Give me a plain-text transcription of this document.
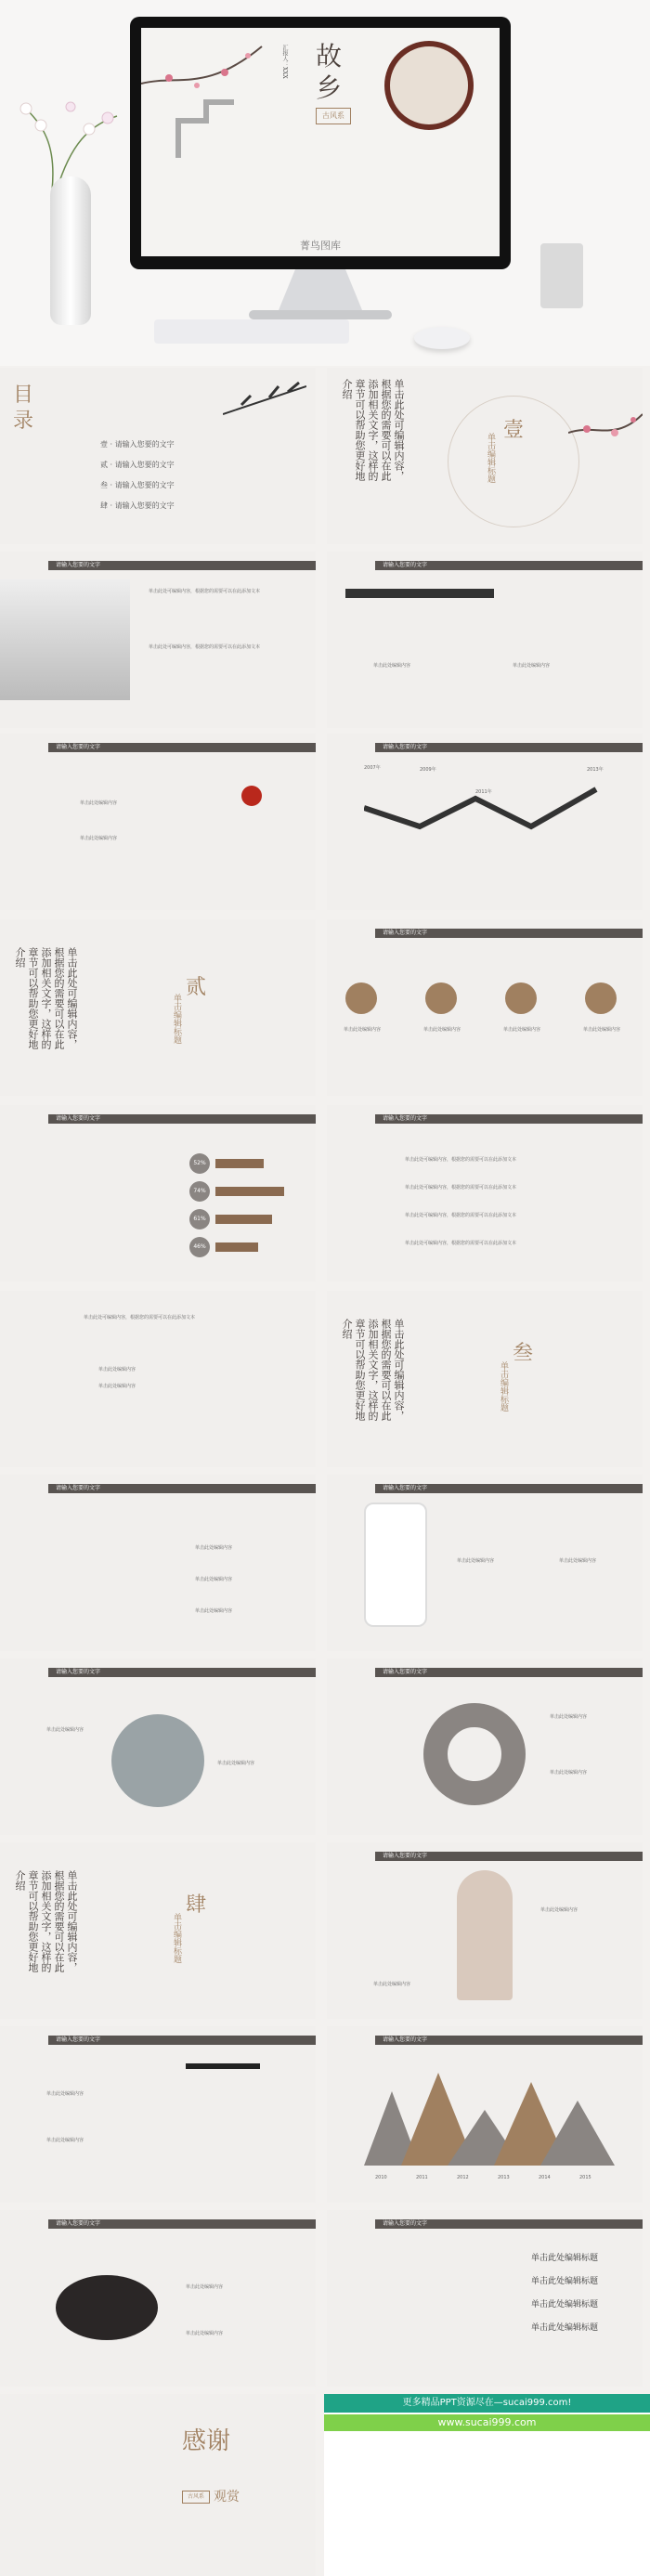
故乡
古风系
汇报人：XXX
菁鸟图库
目录
壹 · 请输入您要的文字
贰 · 请输入您要的文字
叁 · 请输入您要的文字
肆 · 请输入您要的文字
单击此处可编辑内容，根据您的需要可以在此添加相关文字，这样的章节可以帮助您更好地介绍
壹
单击编辑标题
请输入您要的文字
单击此处可编辑内容，根据您的需要可以在此添加文本
单击此处可编辑内容，根据您的需要可以在此添加文本
请输入您要的文字
单击此处编辑内容	单击此处编辑内容
请输入您要的文字
单击此处编辑内容
单击此处编辑内容
请输入您要的文字
2007年	2009年
2011年
2013年
单击此处可编辑内容，根据您的需要可以在此添加相关文字，这样的章节可以帮助您更好地介绍
贰
单击编辑标题
请输入您要的文字
单击此处编辑内容	单击此处编辑内容	单击此处编辑内容	单击此处编辑内容
请输入您要的文字
52%
74%
61%
46%
请输入您要的文字
单击此处可编辑内容，根据您的需要可以在此添加文本
单击此处可编辑内容，根据您的需要可以在此添加文本
单击此处可编辑内容，根据您的需要可以在此添加文本
单击此处可编辑内容，根据您的需要可以在此添加文本
单击此处可编辑内容，根据您的需要可以在此添加文本
单击此处编辑内容
单击此处编辑内容	单击此处可编辑内容，根据您的需要可以在此添加相关文字，这样的章节可以帮助您更好地介绍
叁
单击编辑标题
请输入您要的文字
单击此处编辑内容
单击此处编辑内容
单击此处编辑内容
请输入您要的文字
单击此处编辑内容	单击此处编辑内容
请输入您要的文字
单击此处编辑内容
单击此处编辑内容
请输入您要的文字
单击此处编辑内容
单击此处编辑内容
单击此处可编辑内容，根据您的需要可以在此添加相关文字，这样的章节可以帮助您更好地介绍
肆
单击编辑标题
请输入您要的文字
单击此处编辑内容
单击此处编辑内容
请输入您要的文字
单击此处编辑内容
单击此处编辑内容
请输入您要的文字
2010	2011	2012	2013	2014	2015
请输入您要的文字
单击此处编辑内容
单击此处编辑内容
请输入您要的文字
单击此处编辑标题
单击此处编辑标题
单击此处编辑标题
单击此处编辑标题
感谢
观赏
古风系
更多精品PPT资源尽在—sucai999.com!
www.sucai999.com
